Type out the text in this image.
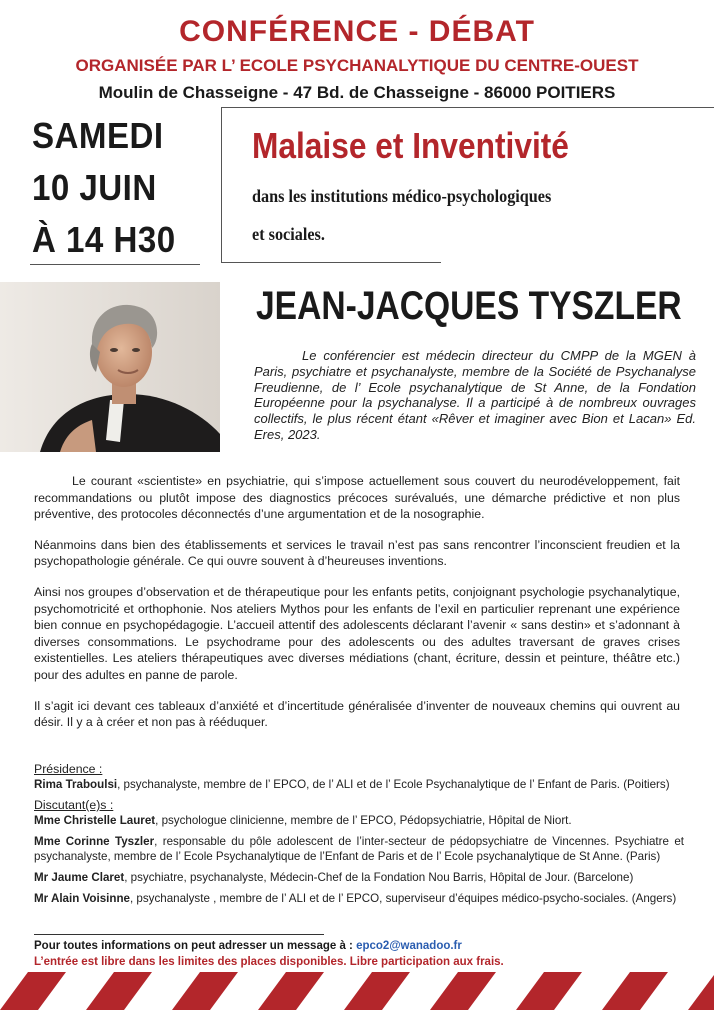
CONFÉRENCE - DÉBAT

ORGANISÉE PAR L’ ECOLE PSYCHANALYTIQUE DU CENTRE-OUEST

Moulin de Chasseigne - 47 Bd. de Chasseigne - 86000 POITIERS

SAMEDI

10 JUIN

À 14 H30

Malaise et Inventivité

dans les institutions médico-psychologiques

et sociales.

JEAN-JACQUES TYSZLER

Le conférencier est médecin directeur du CMPP de la MGEN à Paris, psychiatre et psychanalyste, membre de la Société de Psychanalyse Freudienne, de l’ Ecole psychanalytique de St Anne, de la Fondation Européenne pour la psychanalyse. Il a participé à de nombreux ouvrages collectifs, le plus récent étant «Rêver et imaginer avec Bion et Lacan» Ed. Eres, 2023.

Le courant «scientiste» en psychiatrie, qui s’impose actuellement sous couvert du neurodéveloppement, fait recommandations ou plutôt impose des diagnostics précoces surévalués, une démarche prédictive et non plus préventive, des protocoles déconnectés d’une argumentation et de la nosographie.

Néanmoins dans bien des établissements et services le travail n’est pas sans rencontrer l’inconscient freudien et la psychopathologie générale. Ce qui ouvre souvent à d’heureuses inventions.

Ainsi nos groupes d’observation et de thérapeutique pour les enfants petits, conjoignant psychologie psychanalytique, psychomotricité et orthophonie. Nos ateliers Mythos pour les enfants de l’exil en particulier reprenant une expérience bien connue en psychopédagogie. L’accueil attentif des adolescents déclarant l’avenir « sans destin» et s’adonnant à diverses consommations. Le psychodrame pour des adolescents ou des adultes traversant de graves crises existentielles. Les ateliers thérapeutiques avec diverses médiations (chant, écriture, dessin et peinture, théâtre etc.) pour des adultes en panne de parole.

Il s’agit ici devant ces tableaux d’anxiété et d’incertitude généralisée d’inventer de nouveaux chemins qui ouvrent au désir. Il y a à créer et non pas à rééduquer.

Présidence :

Rima Traboulsi, psychanalyste, membre de l’ EPCO, de l’ ALI et de l’ Ecole Psychanalytique de l’ Enfant de Paris. (Poitiers)

Discutant(e)s :

Mme Christelle Lauret, psychologue clinicienne, membre de l’ EPCO, Pédopsychiatrie, Hôpital de Niort.

Mme Corinne Tyszler, responsable du pôle adolescent de l’inter-secteur de pédopsychiatre de Vincennes. Psychiatre et psychanalyste, membre de l’ Ecole Psychanalytique de l’Enfant de Paris et de l’ Ecole psychanalytique de St Anne. (Paris)

Mr Jaume Claret, psychiatre, psychanalyste, Médecin-Chef de la Fondation Nou Barris, Hôpital de Jour. (Barcelone)

Mr Alain Voisinne, psychanalyste , membre de l’ ALI et de l’ EPCO, superviseur d’équipes médico-psycho-sociales. (Angers)

Pour toutes informations on peut adresser un message à : epco2@wanadoo.fr

L’entrée est libre dans les limites des places disponibles. Libre participation aux frais.
